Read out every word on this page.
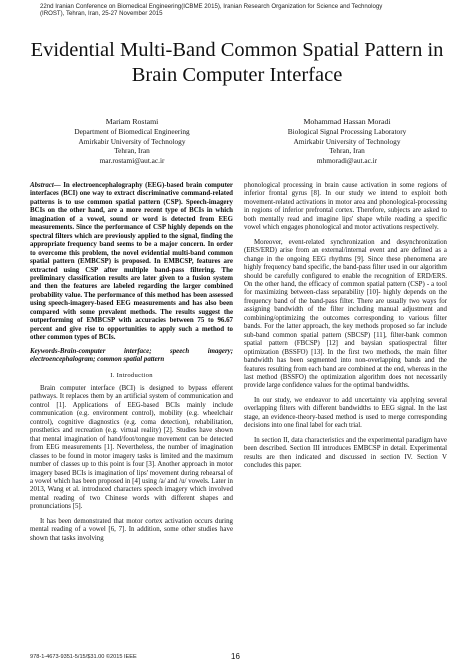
22nd Iranian Conference on Biomedical Engineering(ICBME 2015), Iranian Research Organization for Science and Technology
(IROST), Tehran, Iran, 25-27 November 2015
Evidential Multi-Band Common Spatial Pattern in
Brain Computer Interface
Mariam Rostami
Department of Biomedical Engineering
Amirkabir University of Technology
Tehran, Iran
mar.rostami@aut.ac.ir
Mohammad Hassan Moradi
Biological Signal Processing Laboratory
Amirkabir University of Technology
Tehran, Iran
mhmoradi@aut.ac.ir

Abstract— In electroencephalography (EEG)-based brain computer interfaces (BCI) one way to extract discriminative command-related patterns is to use common spatial pattern (CSP). Speech-imagery BCIs on the other hand, are a more recent type of BCIs in which imagination of a vowel, sound or word is detected from EEG measurements. Since the performance of CSP highly depends on the spectral filters which are previously applied to the signal, finding the appropriate frequency band seems to be a major concern. In order to overcome this problem, the novel evidential multi-band common spatial pattern (EMBCSP) is proposed. In EMBCSP, features are extracted using CSP after multiple band-pass filtering. The preliminary classification results are later given to a fusion system and then the features are labeled regarding the larger combined probability value. The performance of this method has been assessed using speech-imagery-based EEG measurements and has also been compared with some prevalent methods. The results suggest the outperforming of EMBCSP with accuracies between 75 to 96.67 percent and give rise to opportunities to apply such a method to other common types of BCIs.

Keywords-Brain-computer interface; speech imagery; electroencephalogram; common spatial pattern

I. Introduction

Brain computer interface (BCI) is designed to bypass efferent pathways. It replaces them by an artificial system of communication and control [1]. Applications of EEG-based BCIs mainly include communication (e.g. environment control), mobility (e.g. wheelchair control), cognitive diagnostics (e.g. coma detection), rehabilitation, prosthetics and recreation (e.g. virtual reality) [2]. Studies have shown that mental imagination of hand/foot/tongue movement can be detected from EEG measurements [1]. Nevertheless, the number of imagination classes to be found in motor imagery tasks is limited and the maximum number of classes up to this point is four [3]. Another approach in motor imagery based BCIs is imagination of lips' movement during rehearsal of a vowel which has been proposed in [4] using /a/ and /u/ vowels. Later in 2013, Wang et al. introduced characters speech imagery which involved mental reading of two Chinese words with different shapes and pronunciations [5].

It has been demonstrated that motor cortex activation occurs during mental reading of a vowel [6, 7]. In addition, some other studies have shown that tasks involving

phonological processing in brain cause activation in some regions of inferior frontal gyrus [8]. In our study we intend to exploit both movement-related activations in motor area and phonological-processing in regions of inferior prefrontal cortex. Therefore, subjects are asked to both mentally read and imagine lips' shape while reading a specific vowel which engages phonological and motor activations respectively.

Moreover, event-related synchronization and desynchronization (ERS/ERD) arise from an external/internal event and are defined as a change in the ongoing EEG rhythms [9]. Since these phenomena are highly frequency band specific, the band-pass filter used in our algorithm should be carefully configured to enable the recognition of ERD/ERS. On the other hand, the efficacy of common spatial pattern (CSP) - a tool for maximizing between-class separability [10]- highly depends on the frequency band of the band-pass filter. There are usually two ways for assigning bandwidth of the filter including manual adjustment and combining/optimizing the outcomes corresponding to various filter bands. For the latter approach, the key methods proposed so far include sub-band common spatial pattern (SBCSP) [11], filter-bank common spatial pattern (FBCSP) [12] and baysian spatiospectral filter optimization (BSSFO) [13]. In the first two methods, the main filter bandwidth has been segmented into non-overlapping bands and the features resulting from each band are combined at the end, whereas in the last method (BSSFO) the optimization algorithm does not necessarily provide large confidence values for the optimal bandwidths.

In our study, we endeavor to add uncertainty via applying several overlapping filters with different bandwidths to EEG signal. In the last stage, an evidence-theory-based method is used to merge corresponding decisions into one final label for each trial.

In section II, data characteristics and the experimental paradigm have been described. Section III introduces EMBCSP in detail. Experimental results are then indicated and discussed in section IV. Section V concludes this paper.

978-1-4673-9351-5/15/$31.00 ©2015 IEEE	16
